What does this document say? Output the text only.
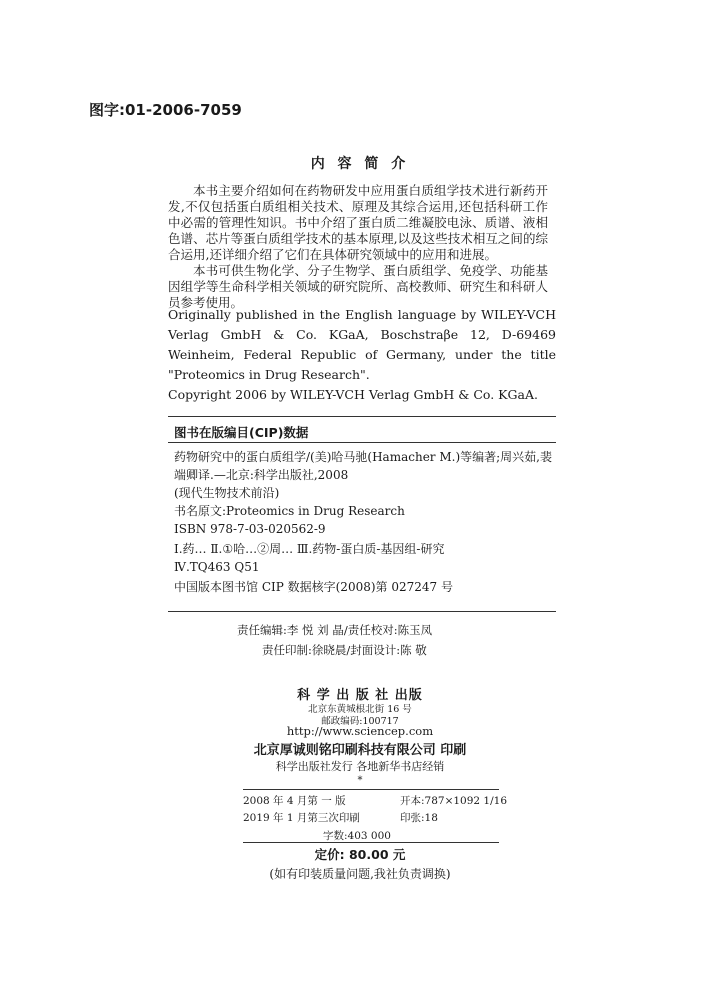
图字:01-2006-7059
内 容 简 介

本书主要介绍如何在药物研发中应用蛋白质组学技术进行新药开发,不仅包括蛋白质组相关技术、原理及其综合运用,还包括科研工作中必需的管理性知识。书中介绍了蛋白质二维凝胶电泳、质谱、液相色谱、芯片等蛋白质组学技术的基本原理,以及这些技术相互之间的综合运用,还详细介绍了它们在具体研究领域中的应用和进展。

本书可供生物化学、分子生物学、蛋白质组学、免疫学、功能基因组学等生命科学相关领域的研究院所、高校教师、研究生和科研人员参考使用。

Originally published in the English language by WILEY-VCH Verlag GmbH & Co. KGaA, Boschstraβe 12, D-69469 Weinheim, Federal Republic of Germany, under the title "Proteomics in Drug Research".

Copyright 2006 by WILEY-VCH Verlag GmbH & Co. KGaA.

图书在版编目(CIP)数据
药物研究中的蛋白质组学/(美)哈马驰(Hamacher M.)等编著;周兴茹,裴端卿译.—北京:科学出版社,2008
(现代生物技术前沿)
书名原文:Proteomics in Drug Research
ISBN 978-7-03-020562-9
Ⅰ.药… Ⅱ.①哈…②周… Ⅲ.药物-蛋白质-基因组-研究
Ⅳ.TQ463 Q51
中国版本图书馆 CIP 数据核字(2008)第 027247 号
责任编辑:李 悦 刘 晶/责任校对:陈玉凤
责任印制:徐晓晨/封面设计:陈 敬
科 学 出 版 社 出版
北京东黄城根北街 16 号
邮政编码:100717
http://www.sciencep.com
北京厚诚则铭印刷科技有限公司 印刷
科学出版社发行 各地新华书店经销
*
2008 年 4 月第 一 版	开本:787×1092 1/16
2019 年 1 月第三次印刷	印张:18
字数:403 000
定价: 80.00 元
(如有印装质量问题,我社负责调换)
